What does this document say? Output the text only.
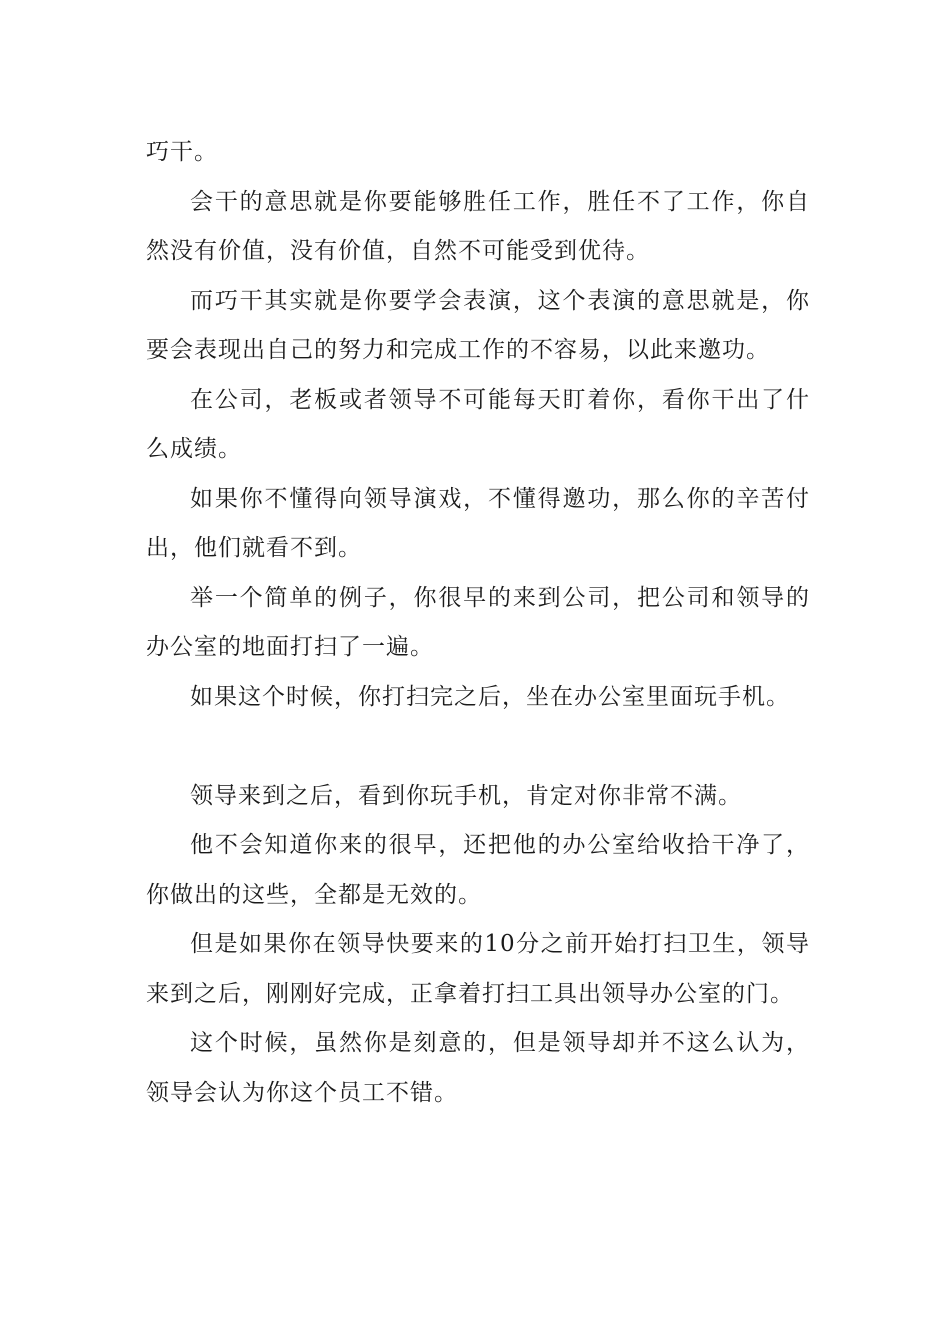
巧干。

会干的意思就是你要能够胜任工作，胜任不了工作，你自然没有价值，没有价值，自然不可能受到优待。

而巧干其实就是你要学会表演，这个表演的意思就是，你要会表现出自己的努力和完成工作的不容易，以此来邀功。

在公司，老板或者领导不可能每天盯着你，看你干出了什么成绩。

如果你不懂得向领导演戏，不懂得邀功，那么你的辛苦付出，他们就看不到。

举一个简单的例子，你很早的来到公司，把公司和领导的办公室的地面打扫了一遍。

如果这个时候，你打扫完之后，坐在办公室里面玩手机。

领导来到之后，看到你玩手机，肯定对你非常不满。

他不会知道你来的很早，还把他的办公室给收拾干净了，你做出的这些，全都是无效的。

但是如果你在领导快要来的10分之前开始打扫卫生，领导来到之后，刚刚好完成，正拿着打扫工具出领导办公室的门。

这个时候，虽然你是刻意的，但是领导却并不这么认为，领导会认为你这个员工不错。
